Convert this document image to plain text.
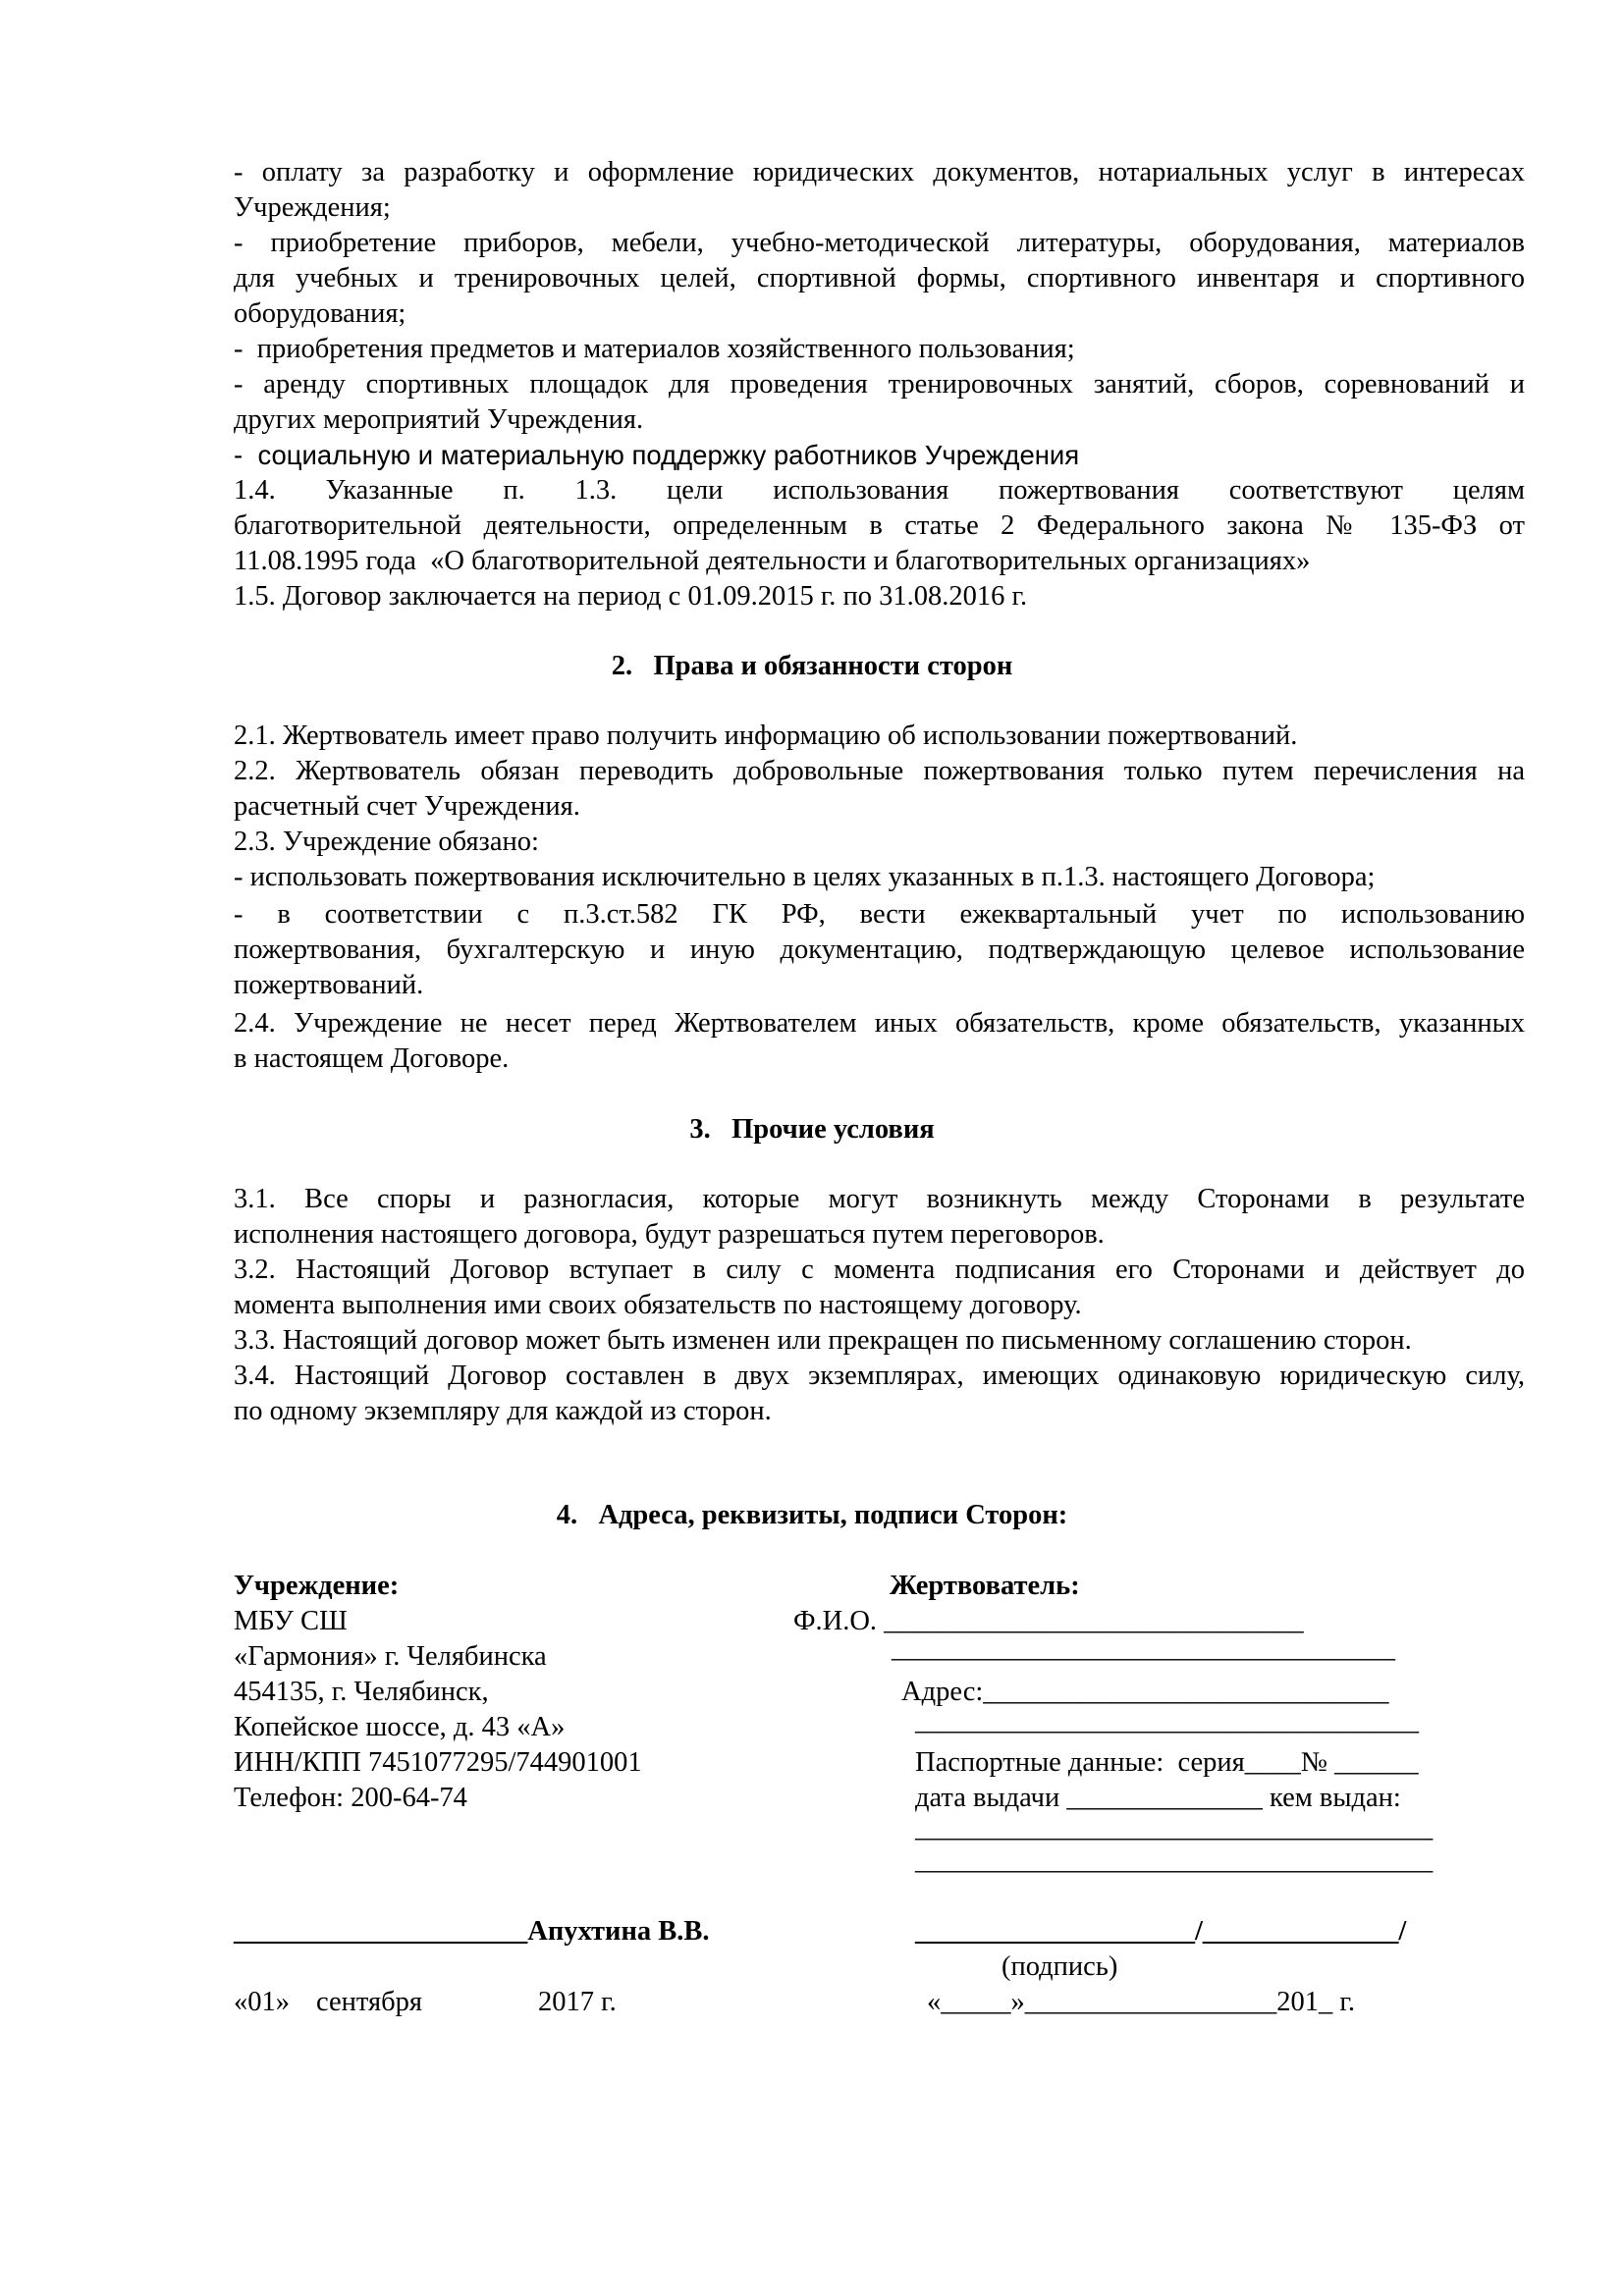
- оплату за разработку и оформление юридических документов, нотариальных услуг в интересах
Учреждения;
- приобретение приборов, мебели, учебно-методической литературы, оборудования, материалов
для учебных и тренировочных целей, спортивной формы, спортивного инвентаря и спортивного
оборудования;
-  приобретения предметов и материалов хозяйственного пользования;
- аренду спортивных площадок для проведения тренировочных занятий, сборов, соревнований и
других мероприятий Учреждения.
-  социальную и материальную поддержку работников Учреждения
1.4. Указанные п. 1.3. цели использования пожертвования соответствуют целям
благотворительной деятельности, определенным в статье 2 Федерального закона № 135-ФЗ от
11.08.1995 года  «О благотворительной деятельности и благотворительных организациях»
1.5. Договор заключается на период с 01.09.2015 г. по 31.08.2016 г.
2.   Права и обязанности сторон
2.1. Жертвователь имеет право получить информацию об использовании пожертвований.
2.2. Жертвователь обязан переводить добровольные пожертвования только путем перечисления на
расчетный счет Учреждения.
2.3. Учреждение обязано:
- использовать пожертвования исключительно в целях указанных в п.1.3. настоящего Договора;
- в соответствии с п.3.ст.582 ГК РФ, вести ежеквартальный учет по использованию
пожертвования, бухгалтерскую и иную документацию, подтверждающую целевое использование
пожертвований.
2.4. Учреждение не несет перед Жертвователем иных обязательств, кроме обязательств, указанных
в настоящем Договоре.
3.   Прочие условия
3.1. Все споры и разногласия, которые могут возникнуть между Сторонами в результате
исполнения настоящего договора, будут разрешаться путем переговоров.
3.2. Настоящий Договор вступает в силу с момента подписания его Сторонами и действует до
момента выполнения ими своих обязательств по настоящему договору.
3.3. Настоящий договор может быть изменен или прекращен по письменному соглашению сторон.
3.4. Настоящий Договор составлен в двух экземплярах, имеющих одинаковую юридическую силу,
по одному экземпляру для каждой из сторон.
4.   Адреса, реквизиты, подписи Сторон:
Учреждение:
МБУ СШ
«Гармония» г. Челябинска
454135, г. Челябинск,
Копейское шоссе, д. 43 «А»
ИНН/КПП 7451077295/744901001
Телефон: 200-64-74
_____________________Апухтина В.В.
«01» сентября	2017 г.
Жертвователь:
Ф.И.О. ______________________________
____________________________________
Адрес:_____________________________
____________________________________
Паспортные данные:  серия____№ ______
дата выдачи ______________ кем выдан:
_____________________________________
_____________________________________
____________________/______________/
(подпись)
«_____»__________________201_ г.
